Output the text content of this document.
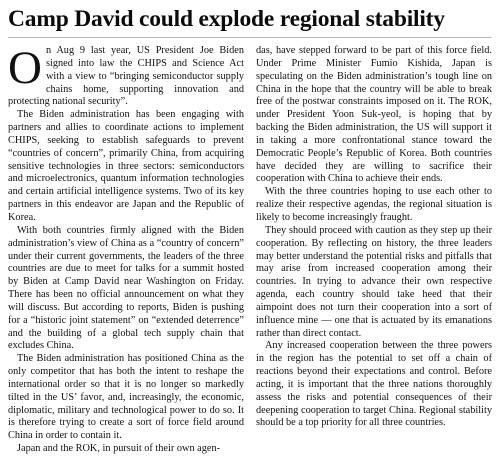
Camp David could explode regional stability

On Aug 9 last year, US President Joe Biden signed into law the CHIPS and Science Act with a view to “bringing semiconductor supply chains home, supporting innovation and protecting national security”.

The Biden administration has been engaging with partners and allies to coordinate actions to implement CHIPS, seeking to establish safeguards to prevent “countries of concern”, primarily China, from acquiring sensitive technologies in three sectors: semiconductors and microelectronics, quantum information technologies and certain artificial intelligence systems. Two of its key partners in this endeavor are Japan and the Republic of Korea.

With both countries firmly aligned with the Biden administration’s view of China as a “country of concern” under their current governments, the leaders of the three countries are due to meet for talks for a summit hosted by Biden at Camp David near Washington on Friday. There has been no official announcement on what they will discuss. But according to reports, Biden is pushing for a “historic joint statement” on “extended deterrence” and the building of a global tech supply chain that excludes China.

The Biden administration has positioned China as the only competitor that has both the intent to reshape the international order so that it is no longer so markedly tilted in the US’ favor, and, increasingly, the economic, diplomatic, military and technological power to do so. It is therefore trying to create a sort of force field around China in order to contain it.

Japan and the ROK, in pursuit of their own agen-

das, have stepped forward to be part of this force field. Under Prime Minister Fumio Kishida, Japan is speculating on the Biden administration’s tough line on China in the hope that the country will be able to break free of the postwar constraints imposed on it. The ROK, under President Yoon Suk-yeol, is hoping that by backing the Biden administration, the US will support it in taking a more confrontational stance toward the Democratic People’s Republic of Korea. Both countries have decided they are willing to sacrifice their cooperation with China to achieve their ends.

With the three countries hoping to use each other to realize their respective agendas, the regional situation is likely to become increasingly fraught.

They should proceed with caution as they step up their cooperation. By reflecting on history, the three leaders may better understand the potential risks and pitfalls that may arise from increased cooperation among their countries. In trying to advance their own respective agenda, each country should take heed that their aimpoint does not turn their cooperation into a sort of influence mine — one that is actuated by its emanations rather than direct contact.

Any increased cooperation between the three powers in the region has the potential to set off a chain of reactions beyond their expectations and control. Before acting, it is important that the three nations thoroughly assess the risks and potential consequences of their deepening cooperation to target China. Regional stability should be a top priority for all three countries.
